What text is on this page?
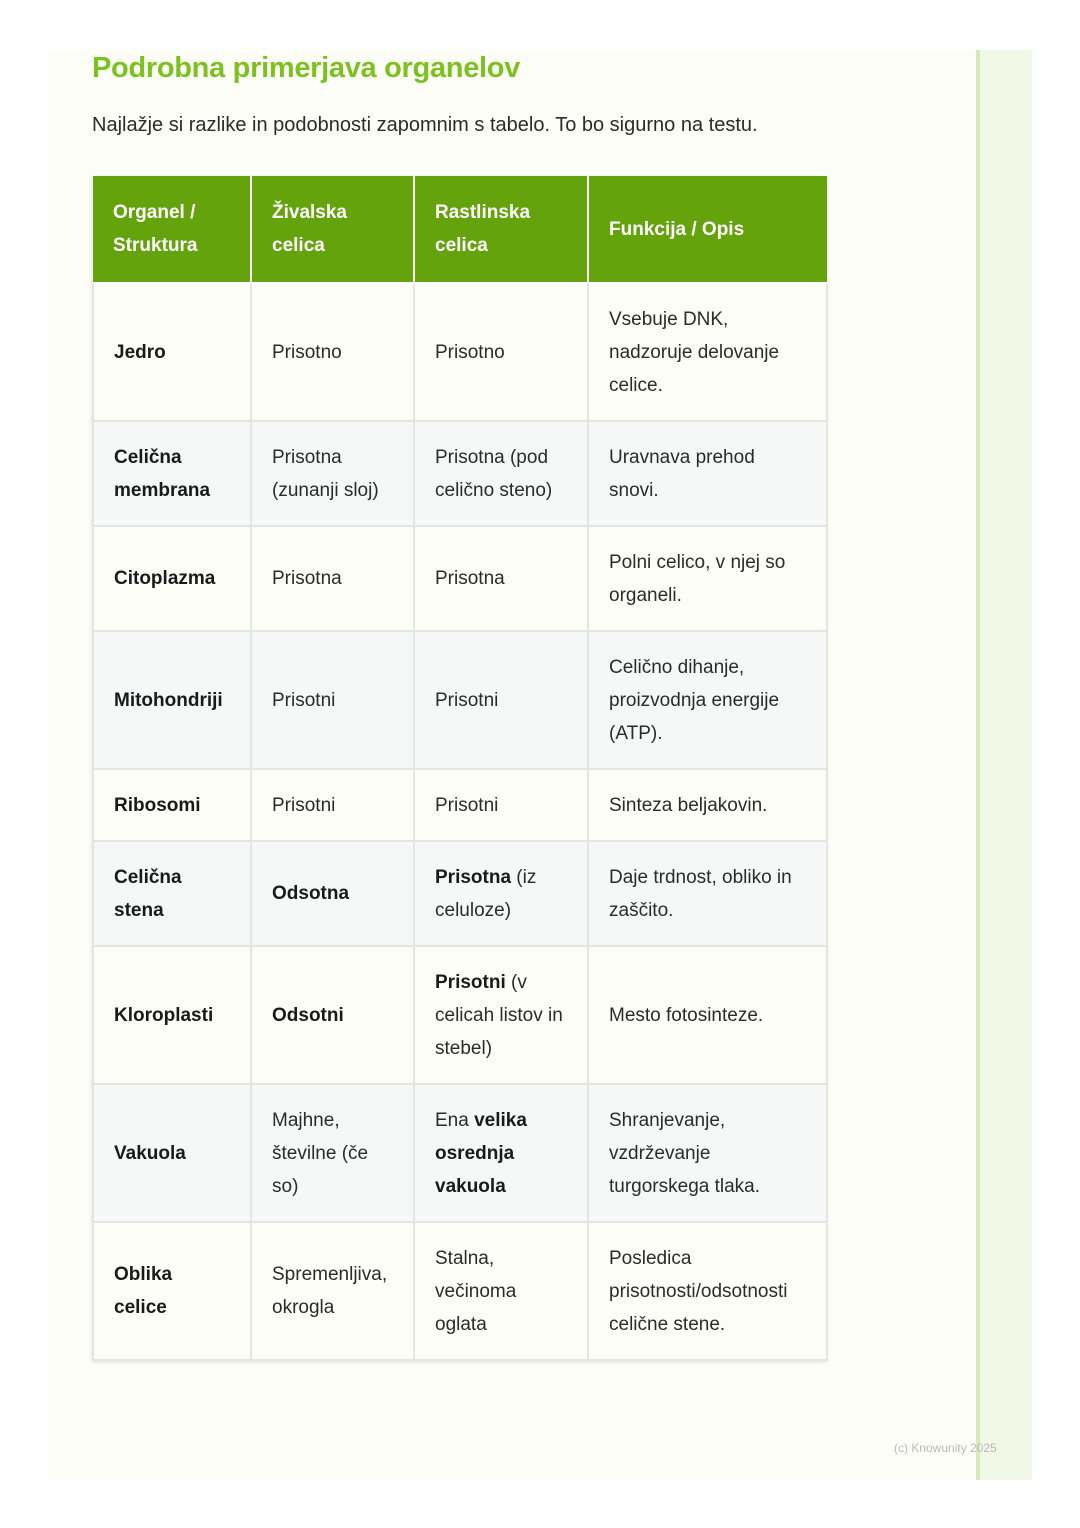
Podrobna primerjava organelov

Najlažje si razlike in podobnosti zapomnim s tabelo. To bo sigurno na testu.

Organel / Struktura	Živalska celica	Rastlinska celica	Funkcija / Opis
Jedro	Prisotno	Prisotno	Vsebuje DNK, nadzoruje delovanje celice.
Celična membrana	Prisotna (zunanji sloj)	Prisotna (pod celično steno)	Uravnava prehod snovi.
Citoplazma	Prisotna	Prisotna	Polni celico, v njej so organeli.
Mitohondriji	Prisotni	Prisotni	Celično dihanje, proizvodnja energije (ATP).
Ribosomi	Prisotni	Prisotni	Sinteza beljakovin.
Celična stena	Odsotna	Prisotna (iz celuloze)	Daje trdnost, obliko in zaščito.
Kloroplasti	Odsotni	Prisotni (v celicah listov in stebel)	Mesto fotosinteze.
Vakuola	Majhne, številne (če so)	Ena velika osrednja vakuola	Shranjevanje, vzdrževanje turgorskega tlaka.
Oblika celice	Spremenljiva, okrogla	Stalna, večinoma oglata	Posledica prisotnosti/odsotnosti celične stene.
(c) Knowunity 2025
